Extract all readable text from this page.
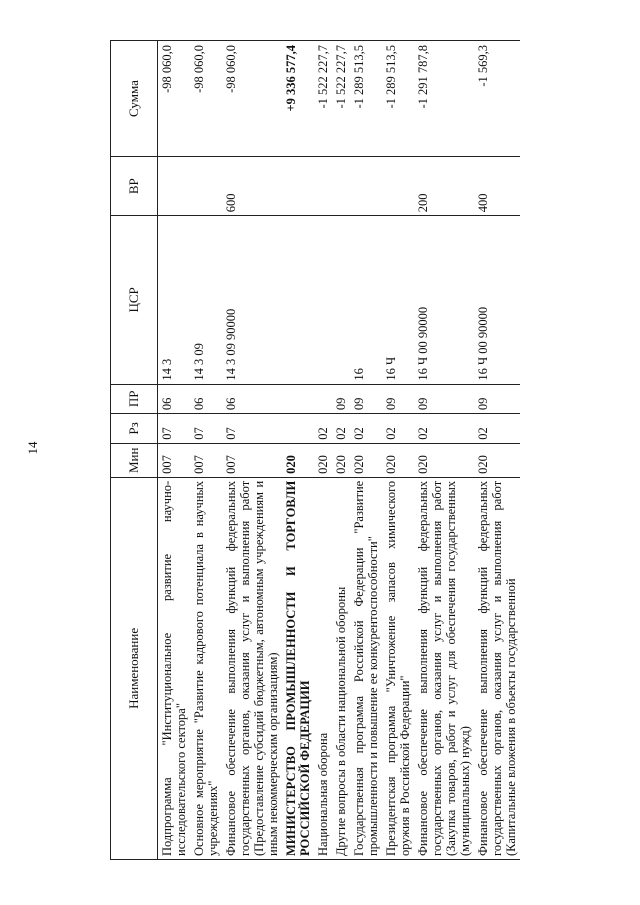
14
Наименование	Мин	Рз	ПР	ЦСР	ВР	Сумма
Подпрограмма "Институциональное развитие научно-исследовательского сектора"	007	07	06	14 3		-98 060,0
Основное мероприятие "Развитие кадрового потенциала в научных учреждениях"	007	07	06	14 3 09		-98 060,0
Финансовое обеспечение выполнения функций федеральных государственных органов, оказания услуг и выполнения работ (Предоставление субсидий бюджетным, автономным учреждениям и иным некоммерческим организациям)	007	07	06	14 3 09 90000	600	-98 060,0
МИНИСТЕРСТВО ПРОМЫШЛЕННОСТИ И ТОРГОВЛИ РОССИЙСКОЙ ФЕДЕРАЦИИ	020					+9 336 577,4
Национальная оборона	020	02				-1 522 227,7
Другие вопросы в области национальной обороны	020	02	09			-1 522 227,7
Государственная программа Российской Федерации "Развитие промышленности и повышение ее конкурентоспособности"	020	02	09	16		-1 289 513,5
Президентская программа "Уничтожение запасов химического оружия в Российской Федерации"	020	02	09	16 Ч		-1 289 513,5
Финансовое обеспечение выполнения функций федеральных государственных органов, оказания услуг и выполнения работ (Закупка товаров, работ и услуг для обеспечения государственных (муниципальных) нужд)	020	02	09	16 Ч 00 90000	200	-1 291 787,8
Финансовое обеспечение выполнения функций федеральных государственных органов, оказания услуг и выполнения работ (Капитальные вложения в объекты государственной	020	02	09	16 Ч 00 90000	400	-1 569,3
